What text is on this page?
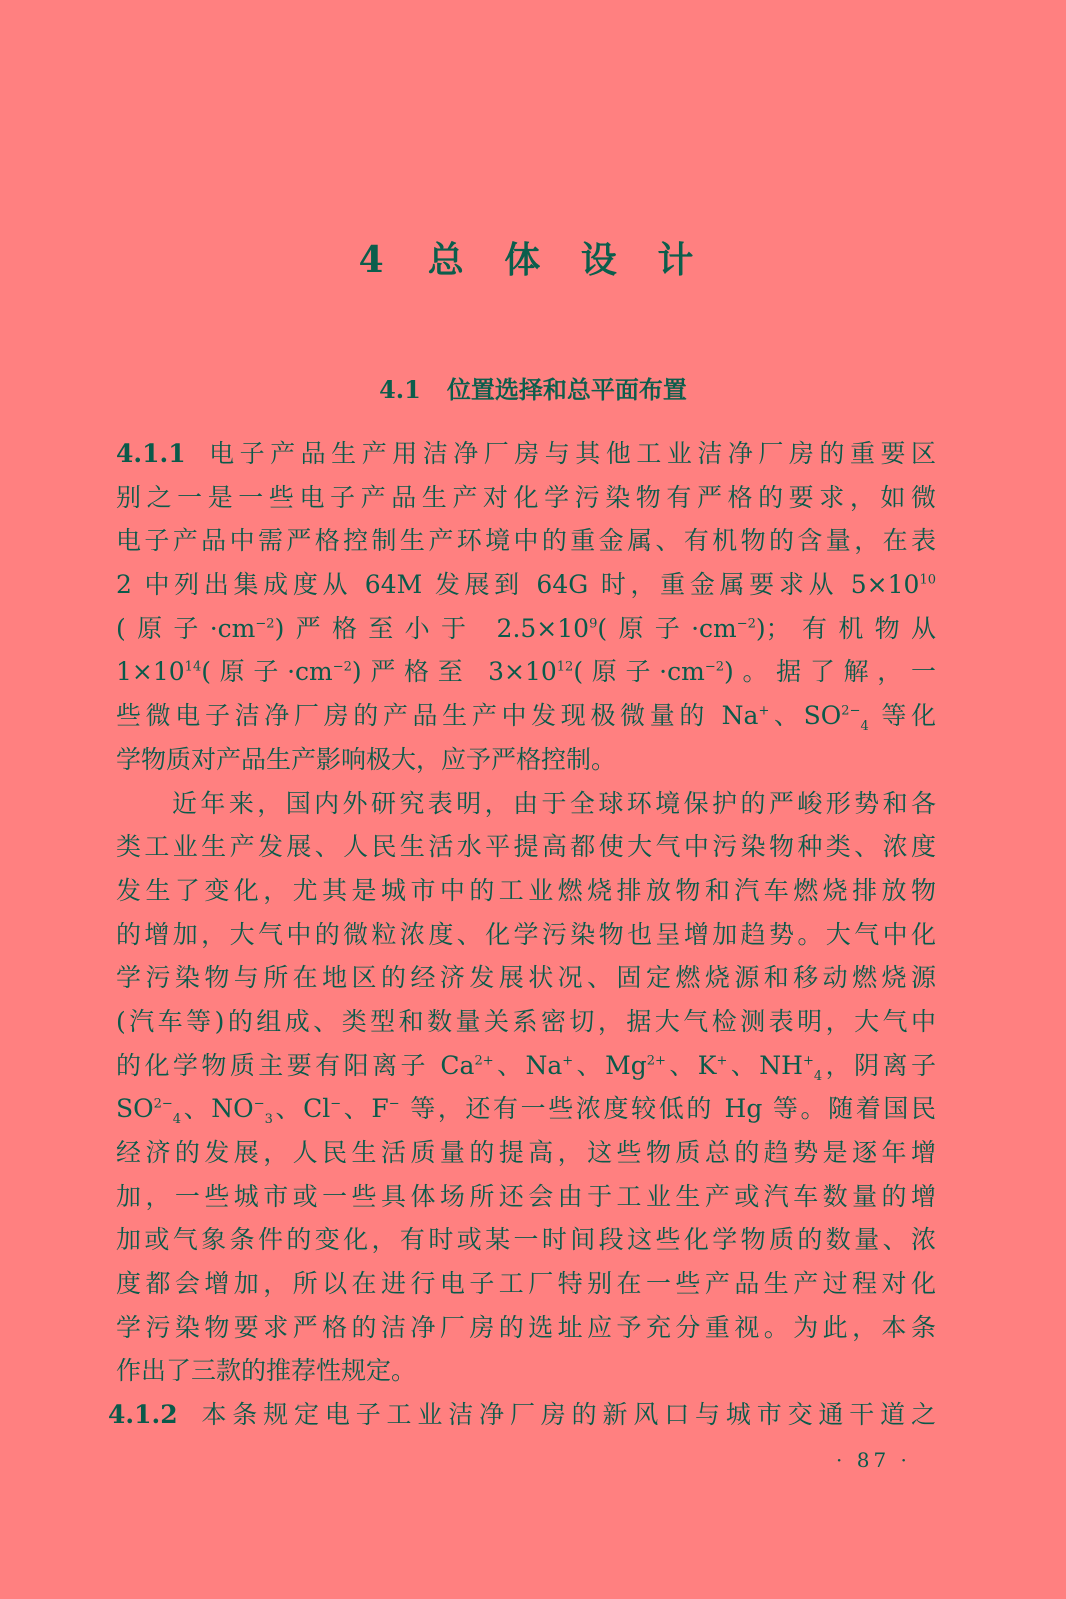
4 总 体 设 计
4.1 位置选择和总平面布置
4.1.1 电子产品生产用洁净厂房与其他工业洁净厂房的重要区
别之一是一些电子产品生产对化学污染物有严格的要求，如微
电子产品中需严格控制生产环境中的重金属、有机物的含量，在表
2 中列出集成度从 64M 发展到 64G 时，重金属要求从 $5\times 10^{10}$
(原子$\cdot cm^{-2}$)严格至小于 $2.5\times 10^9$(原子$\cdot cm^{-2}$)；有机物从
$1\times 10^{14}$(原子$\cdot cm^{-2}$)严格至 $3\times 10^{12}$(原子$\cdot cm^{-2}$)。据了解，一
些微电子洁净厂房的产品生产中发现极微量的 Na+、$SO^{2-}_4$ 等化
学物质对产品生产影响极大，应予严格控制。
近年来，国内外研究表明，由于全球环境保护的严峻形势和各
类工业生产发展、人民生活水平提高都使大气中污染物种类、浓度
发生了变化，尤其是城市中的工业燃烧排放物和汽车燃烧排放物
的增加，大气中的微粒浓度、化学污染物也呈增加趋势。大气中化
学污染物与所在地区的经济发展状况、固定燃烧源和移动燃烧源
(汽车等)的组成、类型和数量关系密切，据大气检测表明，大气中
的化学物质主要有阳离子 $Ca^{2+}$、Na+、$Mg^{2+}$、K+、$NH^+_4$，阴离子
$SO^{2-}_4$、$NO^-_3$、Cl−、F− 等，还有一些浓度较低的 Hg 等。随着国民
经济的发展，人民生活质量的提高，这些物质总的趋势是逐年增
加，一些城市或一些具体场所还会由于工业生产或汽车数量的增
加或气象条件的变化，有时或某一时间段这些化学物质的数量、浓
度都会增加，所以在进行电子工厂特别在一些产品生产过程对化
学污染物要求严格的洁净厂房的选址应予充分重视。为此，本条
作出了三款的推荐性规定。
4.1.2 本条规定电子工业洁净厂房的新风口与城市交通干道之
· 87 ·
